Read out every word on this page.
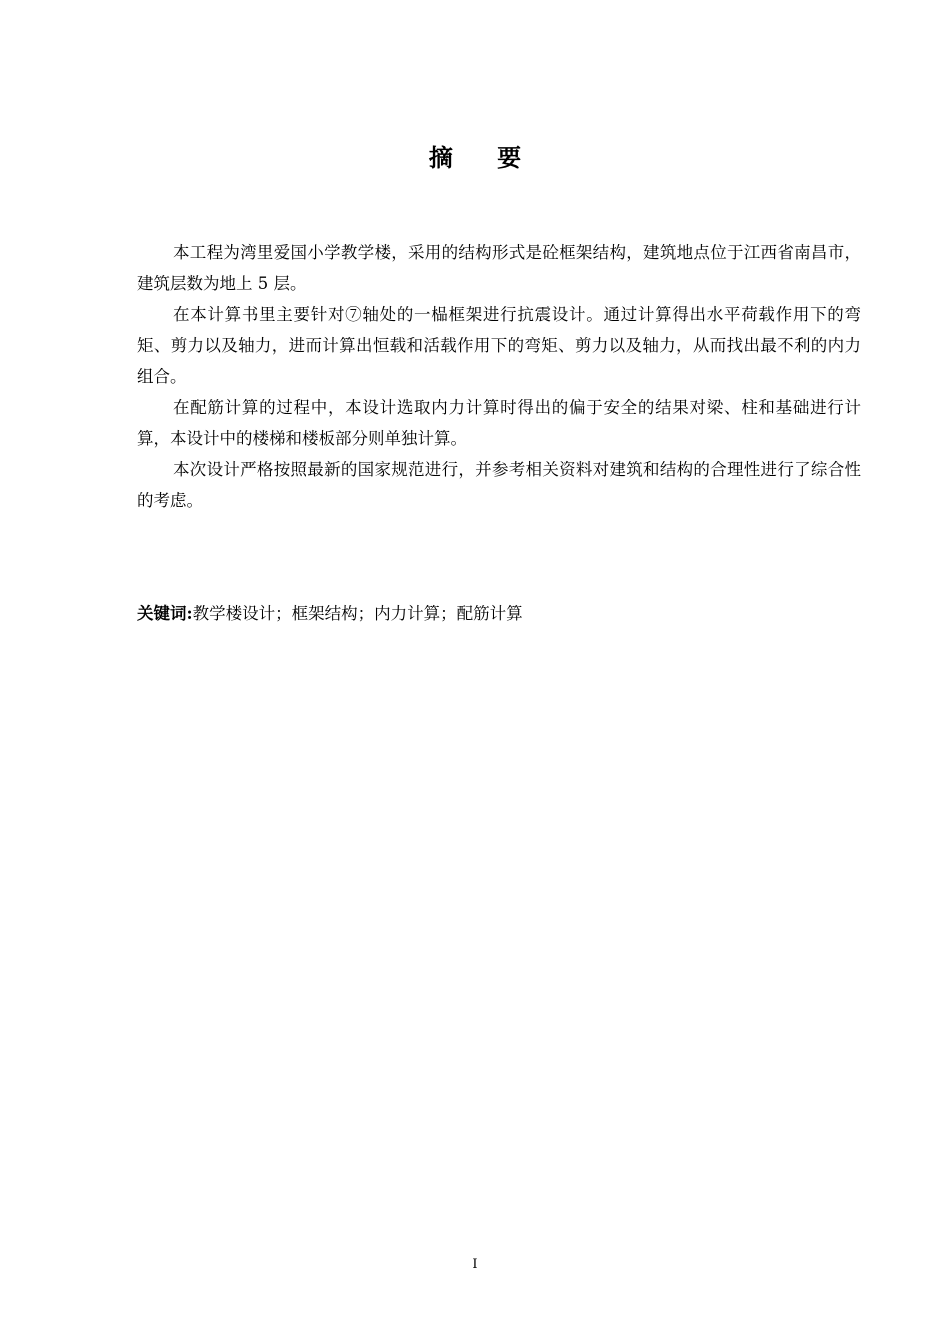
摘 要

本工程为湾里爱国小学教学楼，采用的结构形式是砼框架结构，建筑地点位于江西省南昌市，建筑层数为地上 5 层。

在本计算书里主要针对⑦轴处的一榀框架进行抗震设计。通过计算得出水平荷载作用下的弯矩、剪力以及轴力，进而计算出恒载和活载作用下的弯矩、剪力以及轴力，从而找出最不利的内力组合。

在配筋计算的过程中，本设计选取内力计算时得出的偏于安全的结果对梁、柱和基础进行计算，本设计中的楼梯和楼板部分则单独计算。

本次设计严格按照最新的国家规范进行，并参考相关资料对建筑和结构的合理性进行了综合性的考虑。

关键词:教学楼设计；框架结构；内力计算；配筋计算
I
